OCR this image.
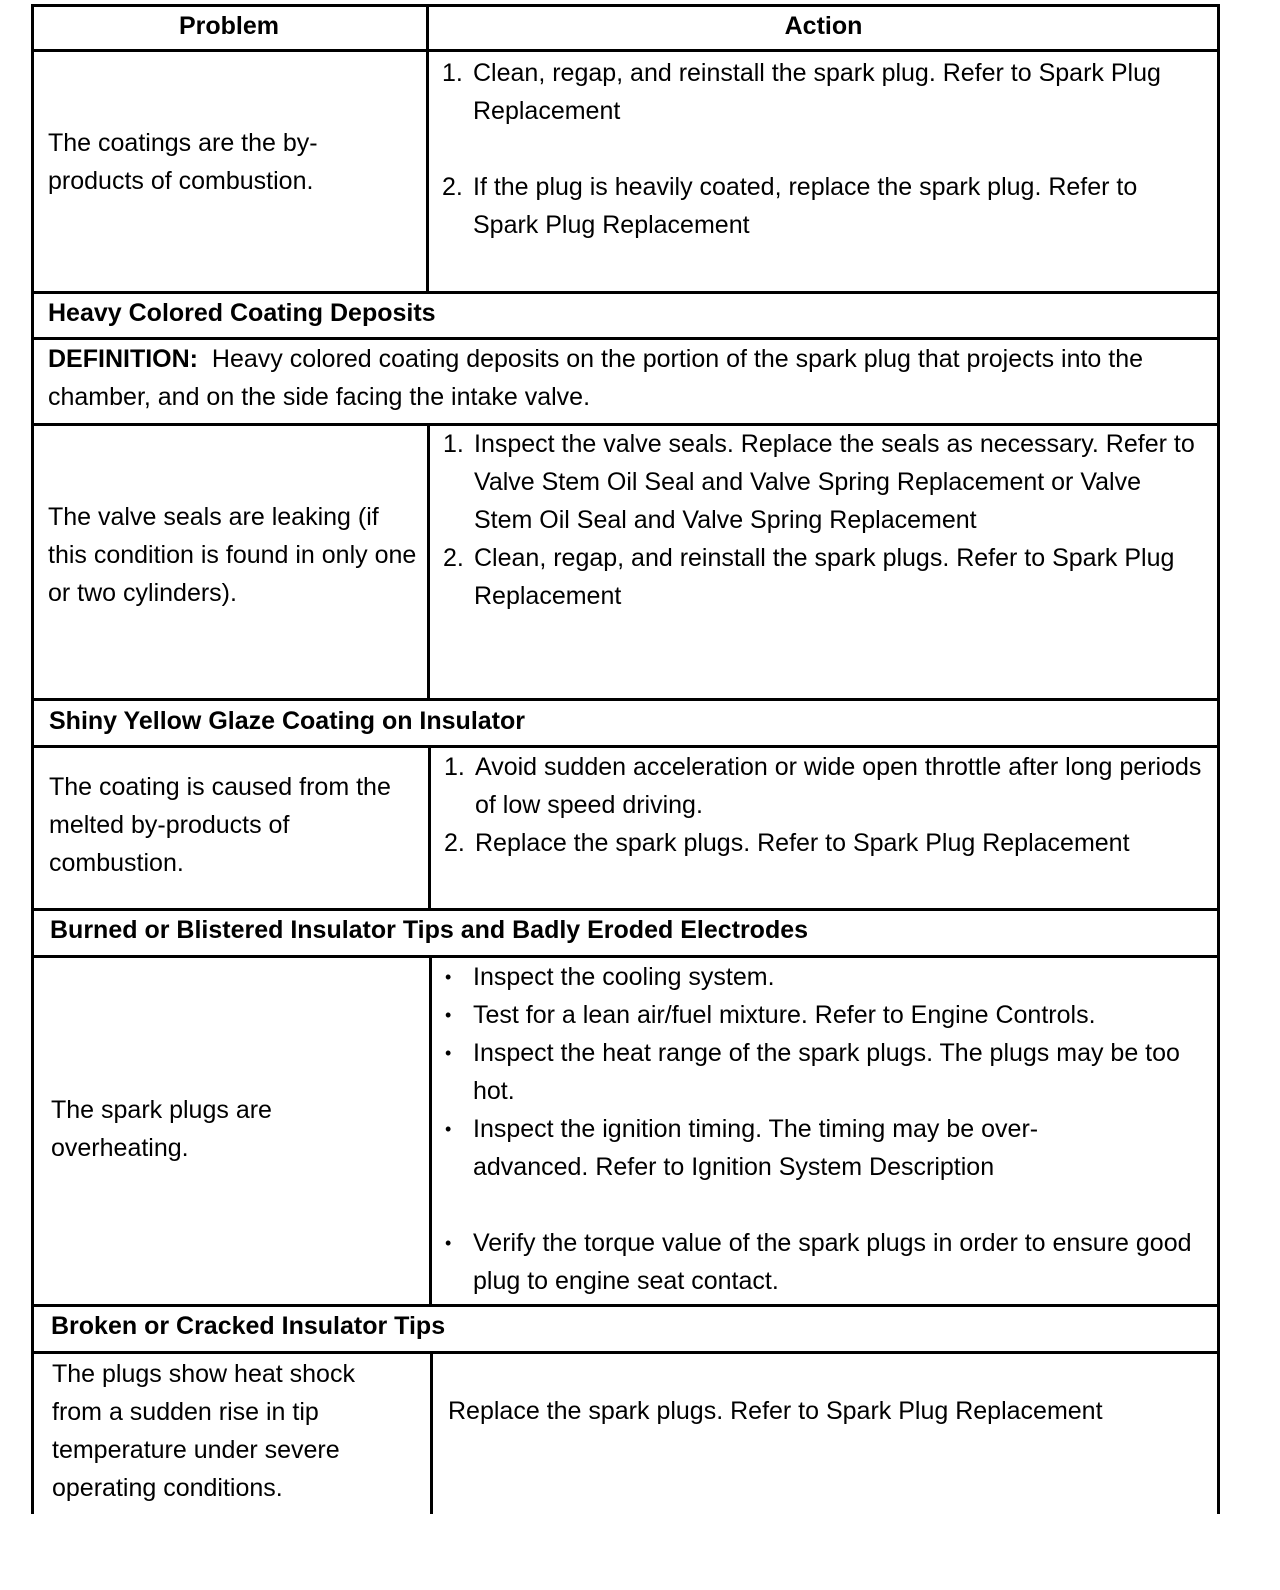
Problem	Action
The coatings are the by-products of combustion.
Clean, regap, and reinstall the spark plug. Refer to Spark Plug Replacement
If the plug is heavily coated, replace the spark plug. Refer to Spark Plug Replacement
Heavy Colored Coating Deposits
DEFINITION: Heavy colored coating deposits on the portion of the spark plug that projects into the chamber, and on the side facing the intake valve.
The valve seals are leaking (if this condition is found in only one or two cylinders).
Inspect the valve seals. Replace the seals as necessary. Refer to Valve Stem Oil Seal and Valve Spring Replacement or Valve Stem Oil Seal and Valve Spring Replacement
Clean, regap, and reinstall the spark plugs. Refer to Spark Plug Replacement
Shiny Yellow Glaze Coating on Insulator
The coating is caused from the melted by-products of combustion.
Avoid sudden acceleration or wide open throttle after long periods of low speed driving.
Replace the spark plugs. Refer to Spark Plug Replacement
Burned or Blistered Insulator Tips and Badly Eroded Electrodes
The spark plugs are overheating.
• Inspect the cooling system.
• Test for a lean air/fuel mixture. Refer to Engine Controls.
• Inspect the heat range of the spark plugs. The plugs may be too hot.
• Inspect the ignition timing. The timing may be over-advanced. Refer to Ignition System Description
• Verify the torque value of the spark plugs in order to ensure good plug to engine seat contact.
Broken or Cracked Insulator Tips
The plugs show heat shock from a sudden rise in tip temperature under severe operating conditions.
Replace the spark plugs. Refer to Spark Plug Replacement
